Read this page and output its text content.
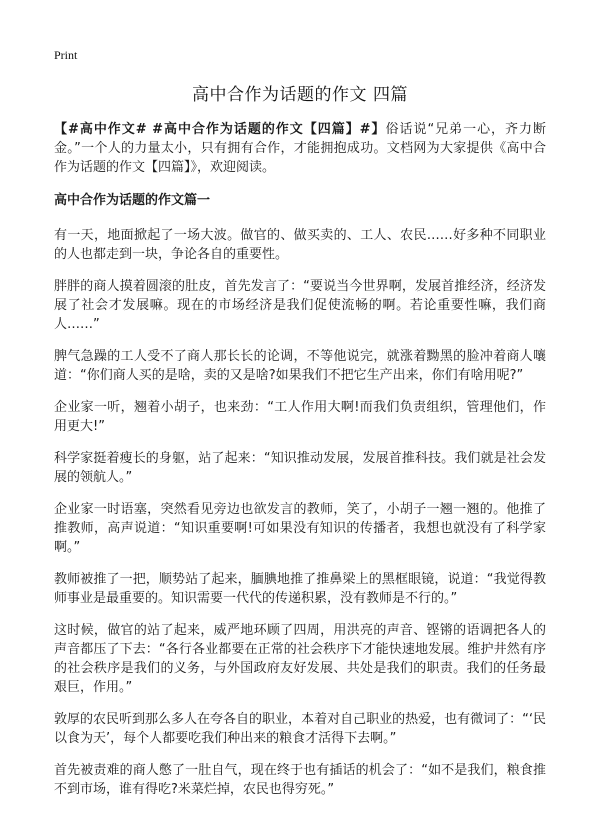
Print
高中合作为话题的作文 四篇

【#高中作文# #高中合作为话题的作文【四篇】#】俗话说“兄弟一心，齐力断金。”一个人的力量太小，只有拥有合作，才能拥抱成功。文档网为大家提供《高中合作为话题的作文【四篇】》，欢迎阅读。

高中合作为话题的作文篇一

有一天，地面掀起了一场大波。做官的、做买卖的、工人、农民……好多种不同职业的人也都走到一块，争论各自的重要性。

胖胖的商人摸着圆滚的肚皮，首先发言了：“要说当今世界啊，发展首推经济，经济发展了社会才发展嘛。现在的市场经济是我们促使流畅的啊。若论重要性嘛，我们商人……”

脾气急躁的工人受不了商人那长长的论调，不等他说完，就涨着黝黑的脸冲着商人嚷道：“你们商人买的是啥，卖的又是啥?如果我们不把它生产出来，你们有啥用呢?”

企业家一听，翘着小胡子，也来劲：“工人作用大啊!而我们负责组织，管理他们，作用更大!”

科学家挺着瘦长的身躯，站了起来：“知识推动发展，发展首推科技。我们就是社会发展的领航人。”

企业家一时语塞，突然看见旁边也欲发言的教师，笑了，小胡子一翘一翘的。他推了推教师，高声说道：“知识重要啊!可如果没有知识的传播者，我想也就没有了科学家啊。”

教师被推了一把，顺势站了起来，腼腆地推了推鼻梁上的黑框眼镜，说道：“我觉得教师事业是最重要的。知识需要一代代的传递积累，没有教师是不行的。”

这时候，做官的站了起来，威严地环顾了四周，用洪亮的声音、铿锵的语调把各人的声音都压了下去：“各行各业都要在正常的社会秩序下才能快速地发展。维护井然有序的社会秩序是我们的义务，与外国政府友好发展、共处是我们的职责。我们的任务最艰巨，作用。”

敦厚的农民听到那么多人在夸各自的职业，本着对自己职业的热爱，也有微词了：“‘民以食为天’，每个人都要吃我们种出来的粮食才活得下去啊。”

首先被责难的商人憋了一肚自气，现在终于也有插话的机会了：“如不是我们，粮食推不到市场，谁有得吃?米菜烂掉，农民也得穷死。”
